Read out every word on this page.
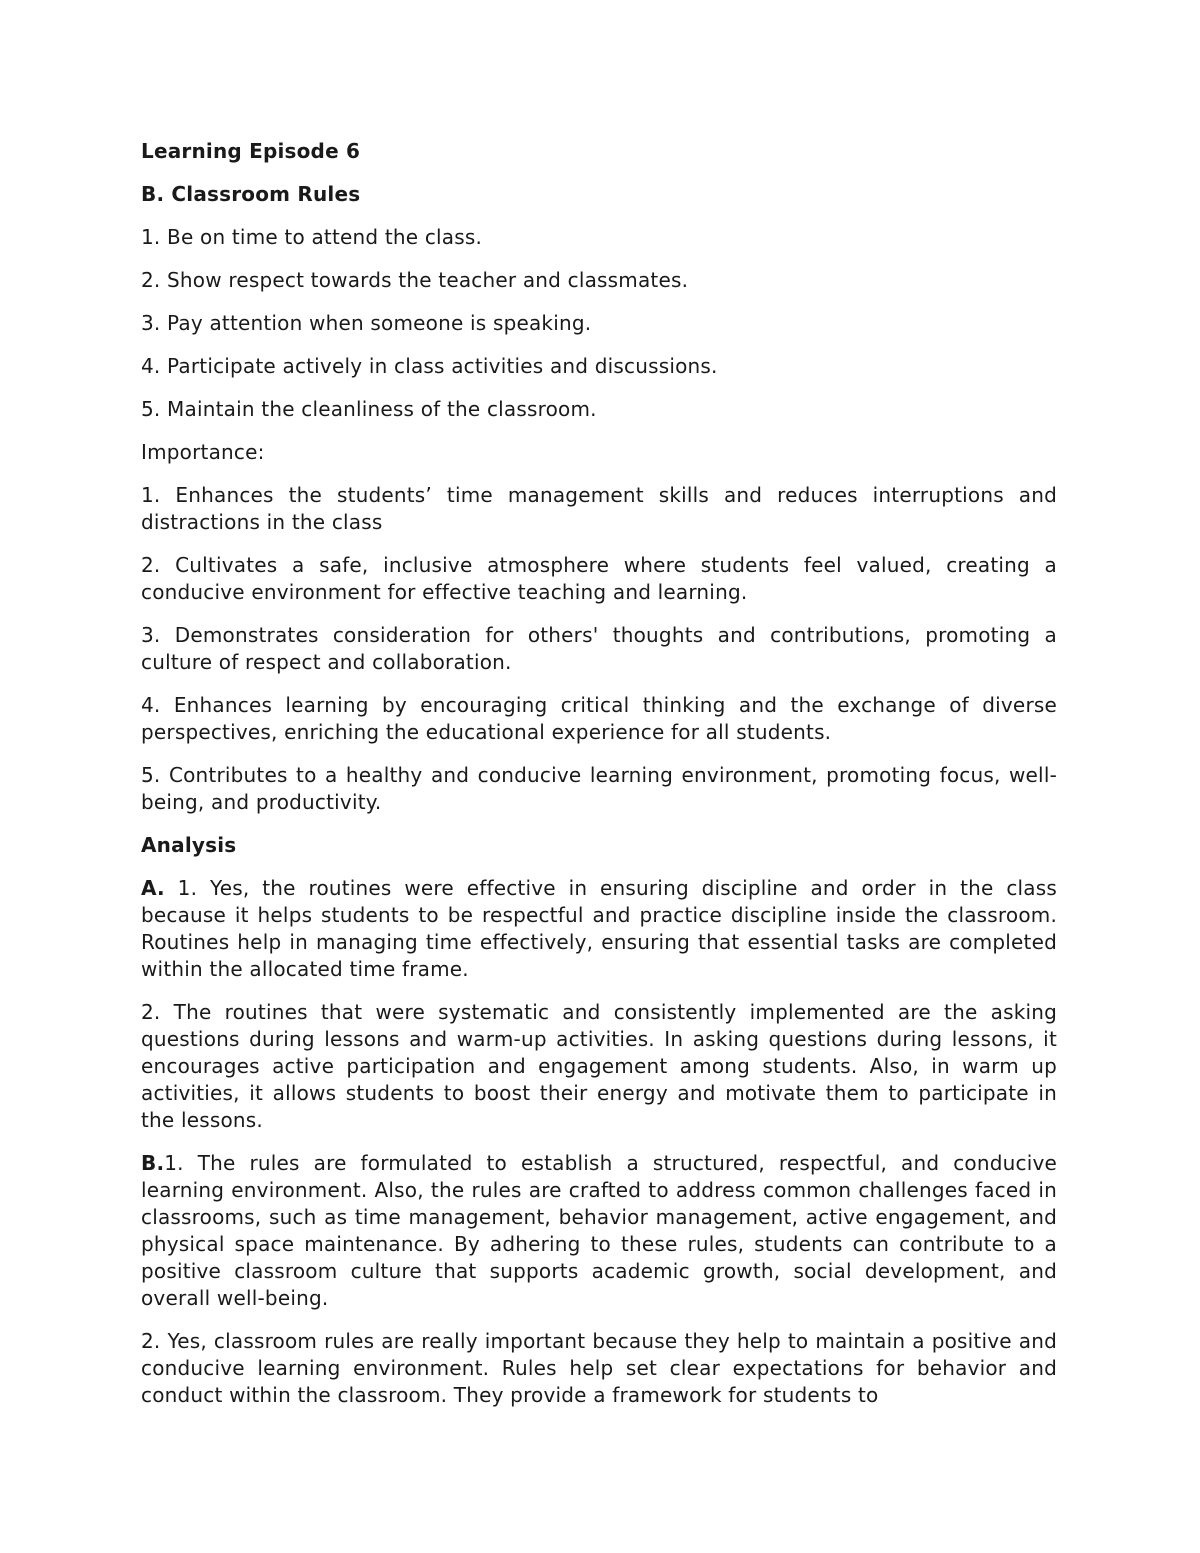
Learning Episode 6

B. Classroom Rules

1. Be on time to attend the class.

2. Show respect towards the teacher and classmates.

3. Pay attention when someone is speaking.

4. Participate actively in class activities and discussions.

5. Maintain the cleanliness of the classroom.

Importance:

1. Enhances the students’ time management skills and reduces interruptions and distractions in the class

2. Cultivates a safe, inclusive atmosphere where students feel valued, creating a conducive environment for effective teaching and learning.

3. Demonstrates consideration for others' thoughts and contributions, promoting a culture of respect and collaboration.

4. Enhances learning by encouraging critical thinking and the exchange of diverse perspectives, enriching the educational experience for all students.

5. Contributes to a healthy and conducive learning environment, promoting focus, well-being, and productivity.

Analysis

A. 1. Yes, the routines were effective in ensuring discipline and order in the class because it helps students to be respectful and practice discipline inside the classroom. Routines help in managing time effectively, ensuring that essential tasks are completed within the allocated time frame.

2. The routines that were systematic and consistently implemented are the asking questions during lessons and warm-up activities. In asking questions during lessons, it encourages active participation and engagement among students. Also, in warm up activities, it allows students to boost their energy and motivate them to participate in the lessons.

B.1. The rules are formulated to establish a structured, respectful, and conducive learning environment. Also, the rules are crafted to address common challenges faced in classrooms, such as time management, behavior management, active engagement, and physical space maintenance. By adhering to these rules, students can contribute to a positive classroom culture that supports academic growth, social development, and overall well-being.

2. Yes, classroom rules are really important because they help to maintain a positive and conducive learning environment. Rules help set clear expectations for behavior and conduct within the classroom. They provide a framework for students to
